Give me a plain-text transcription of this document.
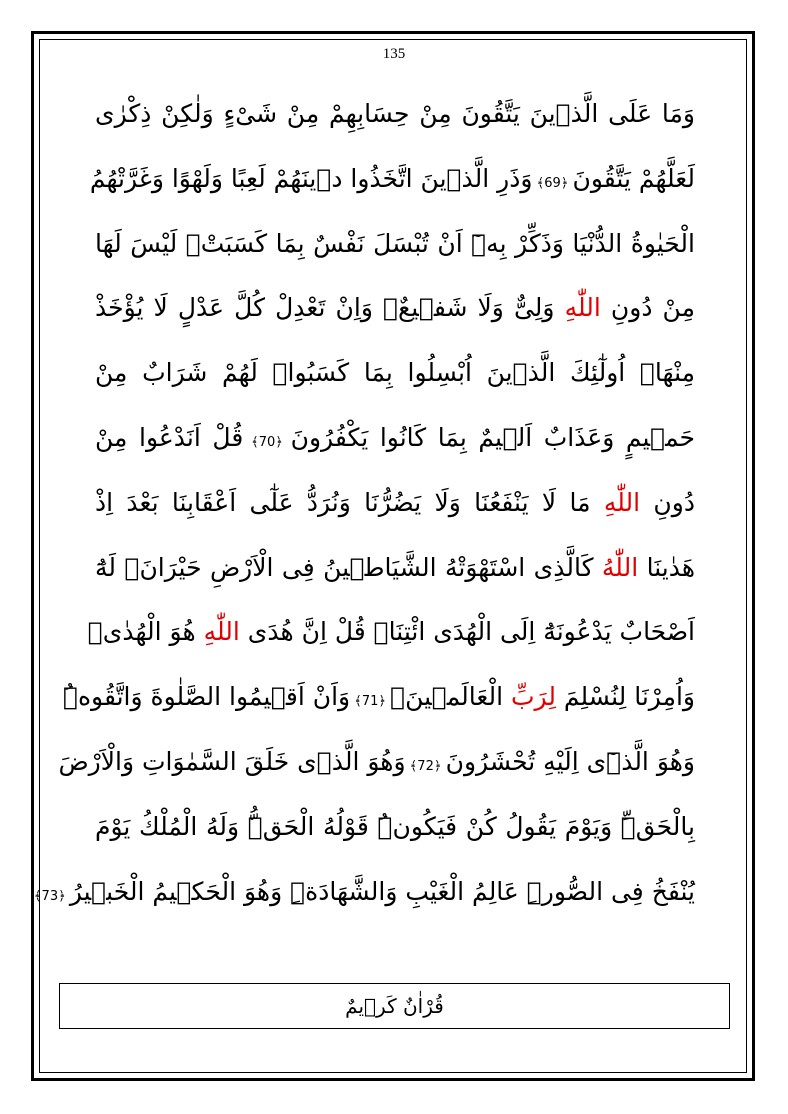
135
وَمَا عَلَى الَّذٖينَ يَتَّقُونَ مِنْ حِسَابِهِمْ مِنْ شَیْءٍ وَلٰكِنْ ذِكْرٰى
لَعَلَّهُمْ يَتَّقُونَ ﴿69﴾ وَذَرِ الَّذٖينَ اتَّخَذُوا دٖينَهُمْ لَعِبًا وَلَهْوًا وَغَرَّتْهُمُ
الْحَيٰوةُ الدُّنْيَا وَذَكِّرْ بِهٖٓ اَنْ تُبْسَلَ نَفْسٌ بِمَا كَسَبَتْۗ لَيْسَ لَهَا
مِنْ دُونِ اللّٰهِ وَلِیٌّ وَلَا شَفٖيعٌۚ وَاِنْ تَعْدِلْ كُلَّ عَدْلٍ لَا يُؤْخَذْ
مِنْهَاۜ اُولٰٓئِكَ الَّذٖينَ اُبْسِلُوا بِمَا كَسَبُواۚ لَهُمْ شَرَابٌ مِنْ
حَمٖيمٍ وَعَذَابٌ اَلٖيمٌ بِمَا كَانُوا يَكْفُرُونَ ﴿70﴾ قُلْ اَنَدْعُوا مِنْ
دُونِ اللّٰهِ مَا لَا يَنْفَعُنَا وَلَا يَضُرُّنَا وَنُرَدُّ عَلٰٓى اَعْقَابِنَا بَعْدَ اِذْ
هَدٰينَا اللّٰهُ كَالَّذِی اسْتَهْوَتْهُ الشَّيَاطٖينُ فِی الْاَرْضِ حَيْرَانَۖ لَهُٓ
اَصْحَابٌ يَدْعُونَهُٓ اِلَى الْهُدَى ائْتِنَاۜ قُلْ اِنَّ هُدَى اللّٰهِ هُوَ الْهُدٰىۜ
وَاُمِرْنَا لِنُسْلِمَ لِرَبِّ الْعَالَمٖينَۙ ﴿71﴾ وَاَنْ اَقٖيمُوا الصَّلٰوةَ وَاتَّقُوهُۜ
وَهُوَ الَّذٖٓی اِلَيْهِ تُحْشَرُونَ ﴿72﴾ وَهُوَ الَّذٖی خَلَقَ السَّمٰوَاتِ وَالْاَرْضَ
بِالْحَقِّۜ وَيَوْمَ يَقُولُ كُنْ فَيَكُونُۜ قَوْلُهُ الْحَقُّۜ وَلَهُ الْمُلْكُ يَوْمَ
يُنْفَخُ فِی الصُّورِۜ عَالِمُ الْغَيْبِ وَالشَّهَادَةِۜ وَهُوَ الْحَكٖيمُ الْخَبٖيرُ ﴿73﴾
قُرْاٰنٌ كَرٖيمٌ
